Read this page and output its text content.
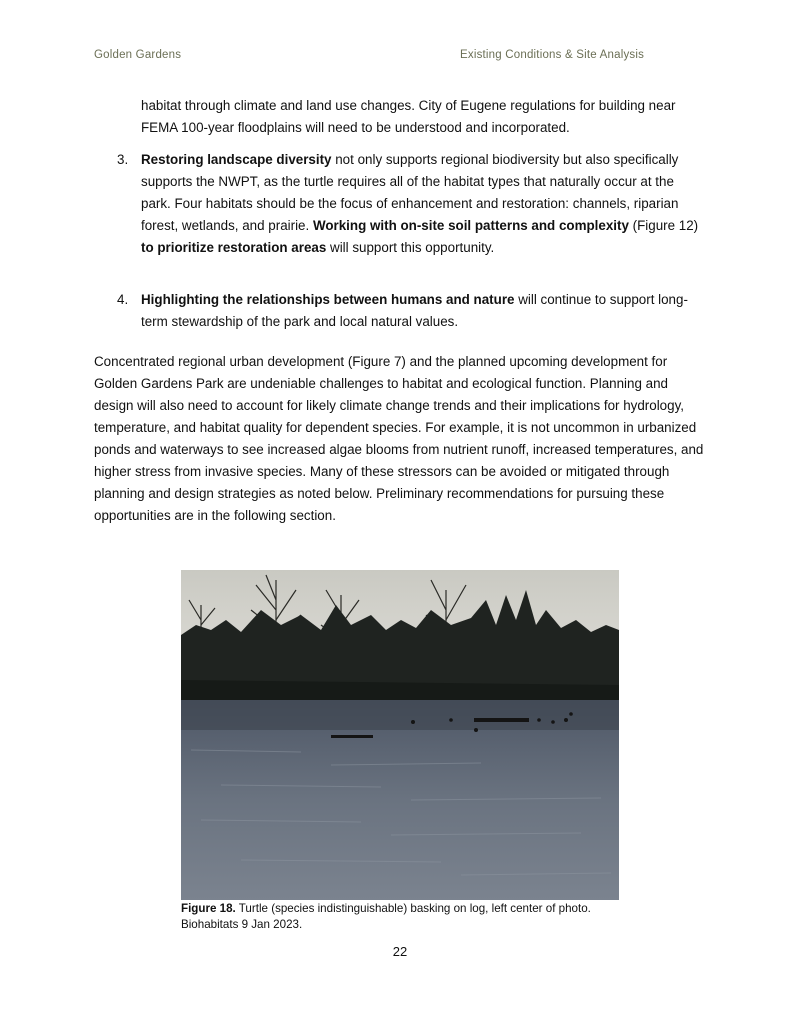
Golden Gardens	Existing Conditions & Site Analysis
habitat through climate and land use changes. City of Eugene regulations for building near FEMA 100-year floodplains will need to be understood and incorporated.
3. Restoring landscape diversity not only supports regional biodiversity but also specifically supports the NWPT, as the turtle requires all of the habitat types that naturally occur at the park. Four habitats should be the focus of enhancement and restoration: channels, riparian forest, wetlands, and prairie. Working with on-site soil patterns and complexity (Figure 12) to prioritize restoration areas will support this opportunity.
4. Highlighting the relationships between humans and nature will continue to support long-term stewardship of the park and local natural values.
Concentrated regional urban development (Figure 7) and the planned upcoming development for Golden Gardens Park are undeniable challenges to habitat and ecological function. Planning and design will also need to account for likely climate change trends and their implications for hydrology, temperature, and habitat quality for dependent species. For example, it is not uncommon in urbanized ponds and waterways to see increased algae blooms from nutrient runoff, increased temperatures, and higher stress from invasive species. Many of these stressors can be avoided or mitigated through planning and design strategies as noted below. Preliminary recommendations for pursuing these opportunities are in the following section.
Figure 18. Turtle (species indistinguishable) basking on log, left center of photo. Biohabitats 9 Jan 2023.
22
